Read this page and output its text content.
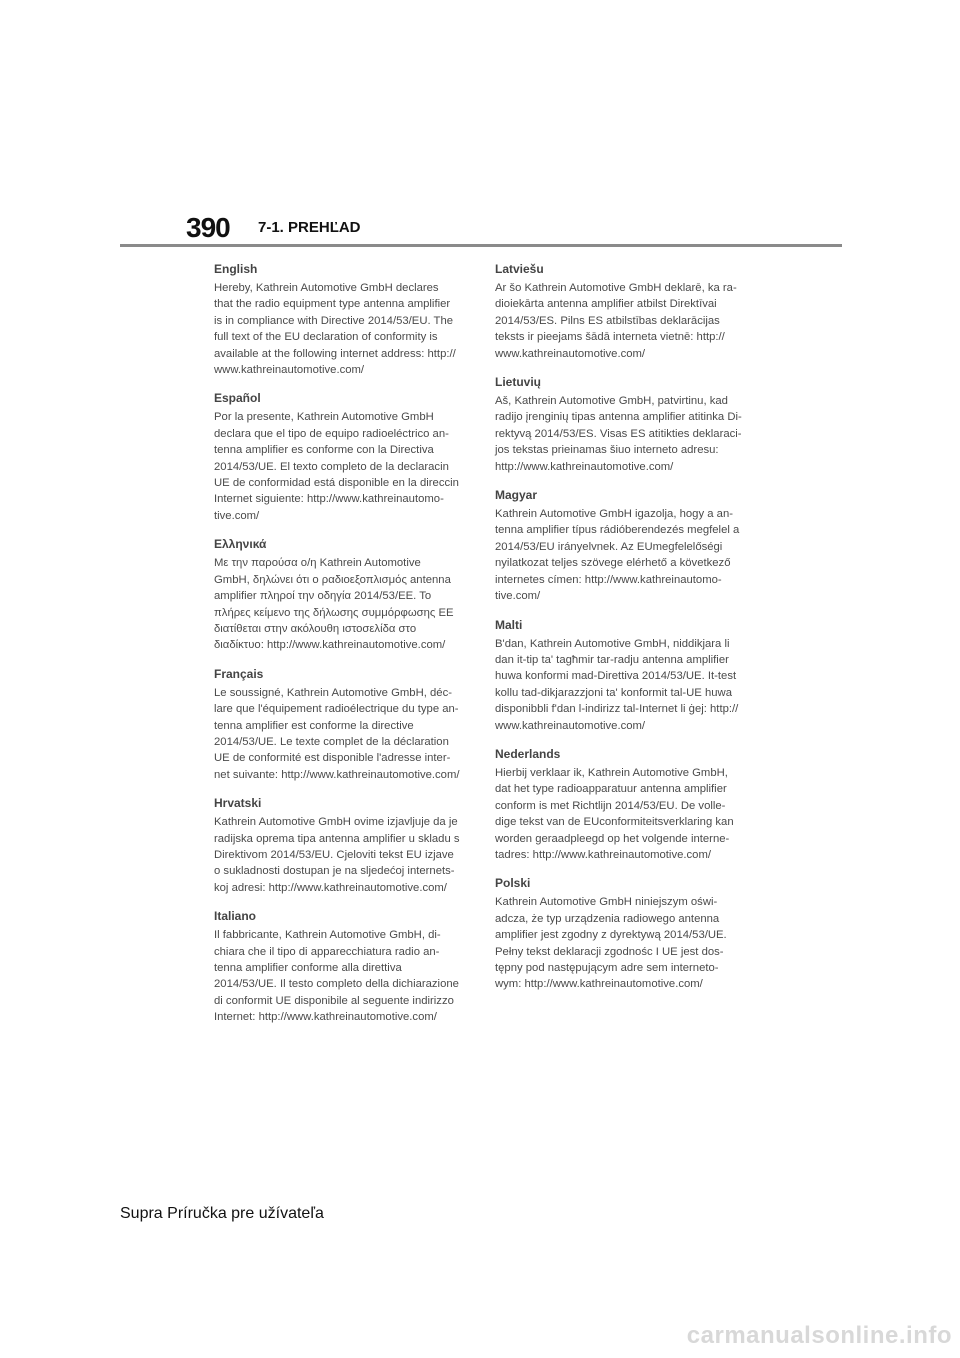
390 7-1. PREHĽAD
English

Hereby, Kathrein Automotive GmbH declares
that the radio equipment type antenna amplifier
is in compliance with Directive 2014/53/EU. The
full text of the EU declaration of conformity is
available at the following internet address: http://
www.kathreinautomotive.com/

Español

Por la presente, Kathrein Automotive GmbH
declara que el tipo de equipo radioeléctrico an-
tenna amplifier es conforme con la Directiva
2014/53/UE. El texto completo de la declaracin
UE de conformidad está disponible en la direccin
Internet siguiente: http://www.kathreinautomo-
tive.com/

Ελληνικά

Με την παρούσα ο/η Kathrein Automotive
GmbH, δηλώνει ότι ο ραδιοεξοπλισμός antenna
amplifier πληροί την οδηγία 2014/53/ΕΕ. Το
πλήρες κείμενο της δήλωσης συμμόρφωσης ΕΕ
διατίθεται στην ακόλουθη ιστοσελίδα στο
διαδίκτυο: http://www.kathreinautomotive.com/

Français

Le soussigné, Kathrein Automotive GmbH, déc-
lare que l'équipement radioélectrique du type an-
tenna amplifier est conforme la directive
2014/53/UE. Le texte complet de la déclaration
UE de conformité est disponible l'adresse inter-
net suivante: http://www.kathreinautomotive.com/

Hrvatski

Kathrein Automotive GmbH ovime izjavljuje da je
radijska oprema tipa antenna amplifier u skladu s
Direktivom 2014/53/EU. Cjeloviti tekst EU izjave
o sukladnosti dostupan je na sljedećoj internets-
koj adresi: http://www.kathreinautomotive.com/

Italiano

Il fabbricante, Kathrein Automotive GmbH, di-
chiara che il tipo di apparecchiatura radio an-
tenna amplifier conforme alla direttiva
2014/53/UE. Il testo completo della dichiarazione
di conformit UE disponibile al seguente indirizzo
Internet: http://www.kathreinautomotive.com/

Latviešu

Ar šo Kathrein Automotive GmbH deklarē, ka ra-
dioiekārta antenna amplifier atbilst Direktīvai
2014/53/ES. Pilns ES atbilstības deklarācijas
teksts ir pieejams šādā interneta vietnē: http://
www.kathreinautomotive.com/

Lietuvių

Aš, Kathrein Automotive GmbH, patvirtinu, kad
radijo įrenginių tipas antenna amplifier atitinka Di-
rektyvą 2014/53/ES. Visas ES atitikties deklaraci-
jos tekstas prieinamas šiuo interneto adresu:
http://www.kathreinautomotive.com/

Magyar

Kathrein Automotive GmbH igazolja, hogy a an-
tenna amplifier típus rádióberendezés megfelel a
2014/53/EU irányelvnek. Az EUmegfelelőségi
nyilatkozat teljes szövege elérhető a következő
internetes címen: http://www.kathreinautomo-
tive.com/

Malti

B'dan, Kathrein Automotive GmbH, niddikjara li
dan it-tip ta' tagħmir tar-radju antenna amplifier
huwa konformi mad-Direttiva 2014/53/UE. It-test
kollu tad-dikjarazzjoni ta' konformit tal-UE huwa
disponibbli f'dan l-indirizz tal-Internet li ġej: http://
www.kathreinautomotive.com/

Nederlands

Hierbij verklaar ik, Kathrein Automotive GmbH,
dat het type radioapparatuur antenna amplifier
conform is met Richtlijn 2014/53/EU. De volle-
dige tekst van de EUconformiteitsverklaring kan
worden geraadpleegd op het volgende interne-
tadres: http://www.kathreinautomotive.com/

Polski

Kathrein Automotive GmbH niniejszym oświ-
adcza, że typ urządzenia radiowego antenna
amplifier jest zgodny z dyrektywą 2014/53/UE.
Pełny tekst deklaracji zgodnośc I UE jest dos-
tępny pod następującym adre sem interneto-
wym: http://www.kathreinautomotive.com/

Supra Príručka pre užívateľa
carmanualsonline.info
